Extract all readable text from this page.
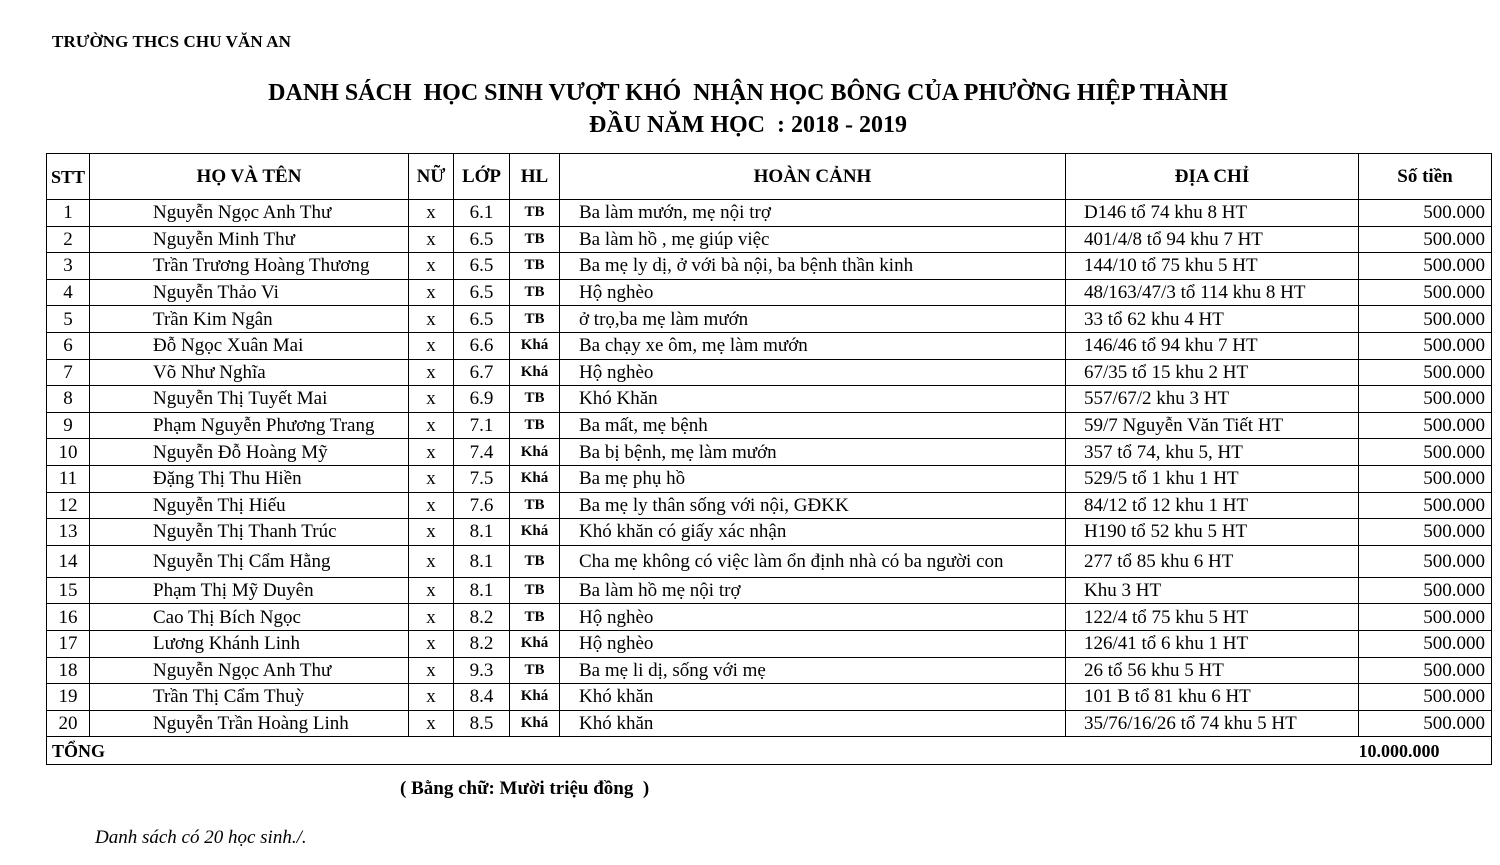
TRƯỜNG THCS CHU VĂN AN
DANH SÁCH  HỌC SINH VƯỢT KHÓ  NHẬN HỌC BÔNG CỦA PHƯỜNG HIỆP THÀNH
ĐẦU NĂM HỌC  : 2018 - 2019
STT	HỌ VÀ TÊN	NỮ	LỚP	HL	HOÀN CẢNH	ĐỊA CHỈ	Số tiền
1	Nguyễn Ngọc Anh Thư	x	6.1	TB	Ba làm mướn, mẹ nội trợ	D146 tổ 74 khu 8 HT	500.000
2	Nguyễn Minh Thư	x	6.5	TB	Ba làm hồ , mẹ giúp việc	401/4/8 tổ 94 khu 7 HT	500.000
3	Trần Trương Hoàng Thương	x	6.5	TB	Ba mẹ ly dị, ở với bà nội, ba bệnh thần kinh	144/10 tổ 75 khu 5 HT	500.000
4	Nguyễn Thảo Vi	x	6.5	TB	Hộ nghèo	48/163/47/3 tổ 114 khu 8 HT	500.000
5	Trần Kim Ngân	x	6.5	TB	ở trọ,ba mẹ làm mướn	33 tổ 62 khu 4 HT	500.000
6	Đỗ Ngọc Xuân Mai	x	6.6	Khá	Ba chạy xe ôm, mẹ làm mướn	146/46 tổ 94 khu 7 HT	500.000
7	Võ Như Nghĩa	x	6.7	Khá	Hộ nghèo	67/35 tổ 15 khu 2 HT	500.000
8	Nguyễn Thị Tuyết Mai	x	6.9	TB	Khó Khăn	557/67/2 khu 3 HT	500.000
9	Phạm Nguyễn Phương Trang	x	7.1	TB	Ba mất, mẹ bệnh	59/7 Nguyễn Văn Tiết HT	500.000
10	Nguyễn Đỗ Hoàng Mỹ	x	7.4	Khá	Ba bị bệnh, mẹ làm mướn	357 tổ 74, khu 5, HT	500.000
11	Đặng Thị Thu Hiền	x	7.5	Khá	Ba mẹ phụ hồ	529/5 tổ 1 khu 1 HT	500.000
12	Nguyễn Thị Hiếu	x	7.6	TB	Ba mẹ ly thân sống với nội, GĐKK	84/12 tổ 12 khu 1 HT	500.000
13	Nguyễn Thị Thanh Trúc	x	8.1	Khá	Khó khăn có giấy xác nhận	H190 tổ 52 khu 5 HT	500.000
14	Nguyễn Thị Cẩm Hằng	x	8.1	TB	Cha mẹ không có việc làm ổn định nhà có ba người con	277 tổ 85 khu 6 HT	500.000
15	Phạm Thị Mỹ Duyên	x	8.1	TB	Ba làm hồ mẹ nội trợ	Khu 3 HT	500.000
16	Cao Thị Bích Ngọc	x	8.2	TB	Hộ nghèo	122/4 tổ 75 khu 5 HT	500.000
17	Lương Khánh Linh	x	8.2	Khá	Hộ nghèo	126/41 tổ 6 khu 1 HT	500.000
18	Nguyễn Ngọc Anh Thư	x	9.3	TB	Ba mẹ li dị, sống với mẹ	26 tổ 56 khu 5 HT	500.000
19	Trần Thị Cẩm Thuỳ	x	8.4	Khá	Khó khăn	101 B tổ 81 khu 6 HT	500.000
20	Nguyễn Trần Hoàng Linh	x	8.5	Khá	Khó khăn	35/76/16/26 tổ 74 khu 5 HT	500.000
TỔNG							10.000.000
( Bằng chữ: Mười triệu đồng  )
Danh sách có 20 học sinh./.
